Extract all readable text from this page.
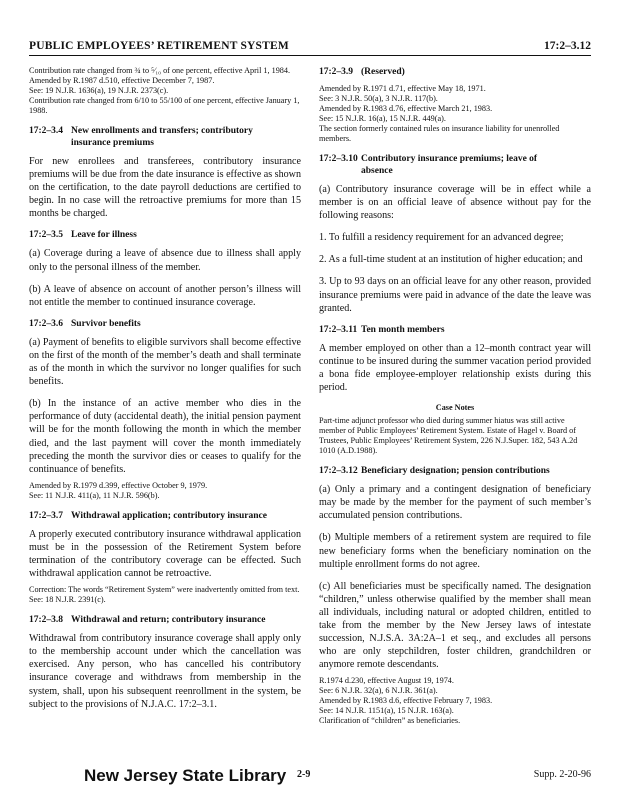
PUBLIC EMPLOYEES’ RETIREMENT SYSTEM	17:2–3.12

Contribution rate changed from ¾ to ⁵⁄₁₀ of one percent, effective April 1, 1984.

Amended by R.1987 d.510, effective December 7, 1987.

See: 19 N.J.R. 1636(a), 19 N.J.R. 2373(c).

Contribution rate changed from 6/10 to 55/100 of one percent, effective January 1, 1988.

17:2–3.4 New enrollments and transfers; contributory
insurance premiums

For new enrollees and transferees, contributory insurance premiums will be due from the date insurance is effective as shown on the certification, to the date payroll deductions are certified to begin. In no case will the retroactive premiums for more than 15 months be charged.

17:2–3.5 Leave for illness

(a) Coverage during a leave of absence due to illness shall apply only to the personal illness of the member.

(b) A leave of absence on account of another person’s illness will not entitle the member to continued insurance coverage.

17:2–3.6 Survivor benefits

(a) Payment of benefits to eligible survivors shall become effective on the first of the month of the member’s death and shall terminate as of the month in which the survivor no longer qualifies for such benefits.

(b) In the instance of an active member who dies in the performance of duty (accidental death), the initial pension payment will be for the month following the month in which the member died, and the last payment will cover the month immediately preceding the month the survivor dies or ceases to qualify for the continuance of benefits.

Amended by R.1979 d.399, effective October 9, 1979.

See: 11 N.J.R. 411(a), 11 N.J.R. 596(b).

17:2–3.7 Withdrawal application; contributory insurance

A properly executed contributory insurance withdrawal application must be in the possession of the Retirement System before termination of the contributory coverage can be effected. Such withdrawal application cannot be retroactive.

Correction: The words “Retirement System” were inadvertently omitted from text.

See: 18 N.J.R. 2391(c).

17:2–3.8 Withdrawal and return; contributory insurance

Withdrawal from contributory insurance coverage shall apply only to the membership account under which the cancellation was exercised. Any person, who has cancelled his contributory insurance coverage and withdraws from membership in the system, shall, upon his subsequent reenrollment in the system, be subject to the provisions of N.J.A.C. 17:2–3.1.

17:2–3.9 (Reserved)

Amended by R.1971 d.71, effective May 18, 1971.

See: 3 N.J.R. 50(a), 3 N.J.R. 117(b).

Amended by R.1983 d.76, effective March 21, 1983.

See: 15 N.J.R. 16(a), 15 N.J.R. 449(a).

The section formerly contained rules on insurance liability for unenrolled members.

17:2–3.10 Contributory insurance premiums; leave of
absence

(a) Contributory insurance coverage will be in effect while a member is on an official leave of absence without pay for the following reasons:

1. To fulfill a residency requirement for an advanced degree;

2. As a full-time student at an institution of higher education; and

3. Up to 93 days on an official leave for any other reason, provided insurance premiums were paid in advance of the date the leave was granted.

17:2–3.11 Ten month members

A member employed on other than a 12–month contract year will continue to be insured during the summer vacation period provided a bona fide employee-employer relationship exists during this period.

Case Notes

Part-time adjunct professor who died during summer hiatus was still active member of Public Employees’ Retirement System. Estate of Hagel v. Board of Trustees, Public Employees’ Retirement System, 226 N.J.Super. 182, 543 A.2d 1010 (A.D.1988).

17:2–3.12 Beneficiary designation; pension contributions

(a) Only a primary and a contingent designation of beneficiary may be made by the member for the payment of such member’s accumulated pension contributions.

(b) Multiple members of a retirement system are required to file new beneficiary forms when the beneficiary nomination on the multiple enrollment forms do not agree.

(c) All beneficiaries must be specifically named. The designation “children,” unless otherwise qualified by the member shall mean all individuals, including natural or adopted children, entitled to take from the member by the New Jersey laws of intestate succession, N.J.S.A. 3A:2A–1 et seq., and excludes all persons who are only stepchildren, foster children, grandchildren or anymore remote descendants.

R.1974 d.230, effective August 19, 1974.

See: 6 N.J.R. 32(a), 6 N.J.R. 361(a).

Amended by R.1983 d.6, effective February 7, 1983.

See: 14 N.J.R. 1151(a), 15 N.J.R. 163(a).

Clarification of “children” as beneficiaries.

New Jersey State Library 2-9	Supp. 2-20-96
